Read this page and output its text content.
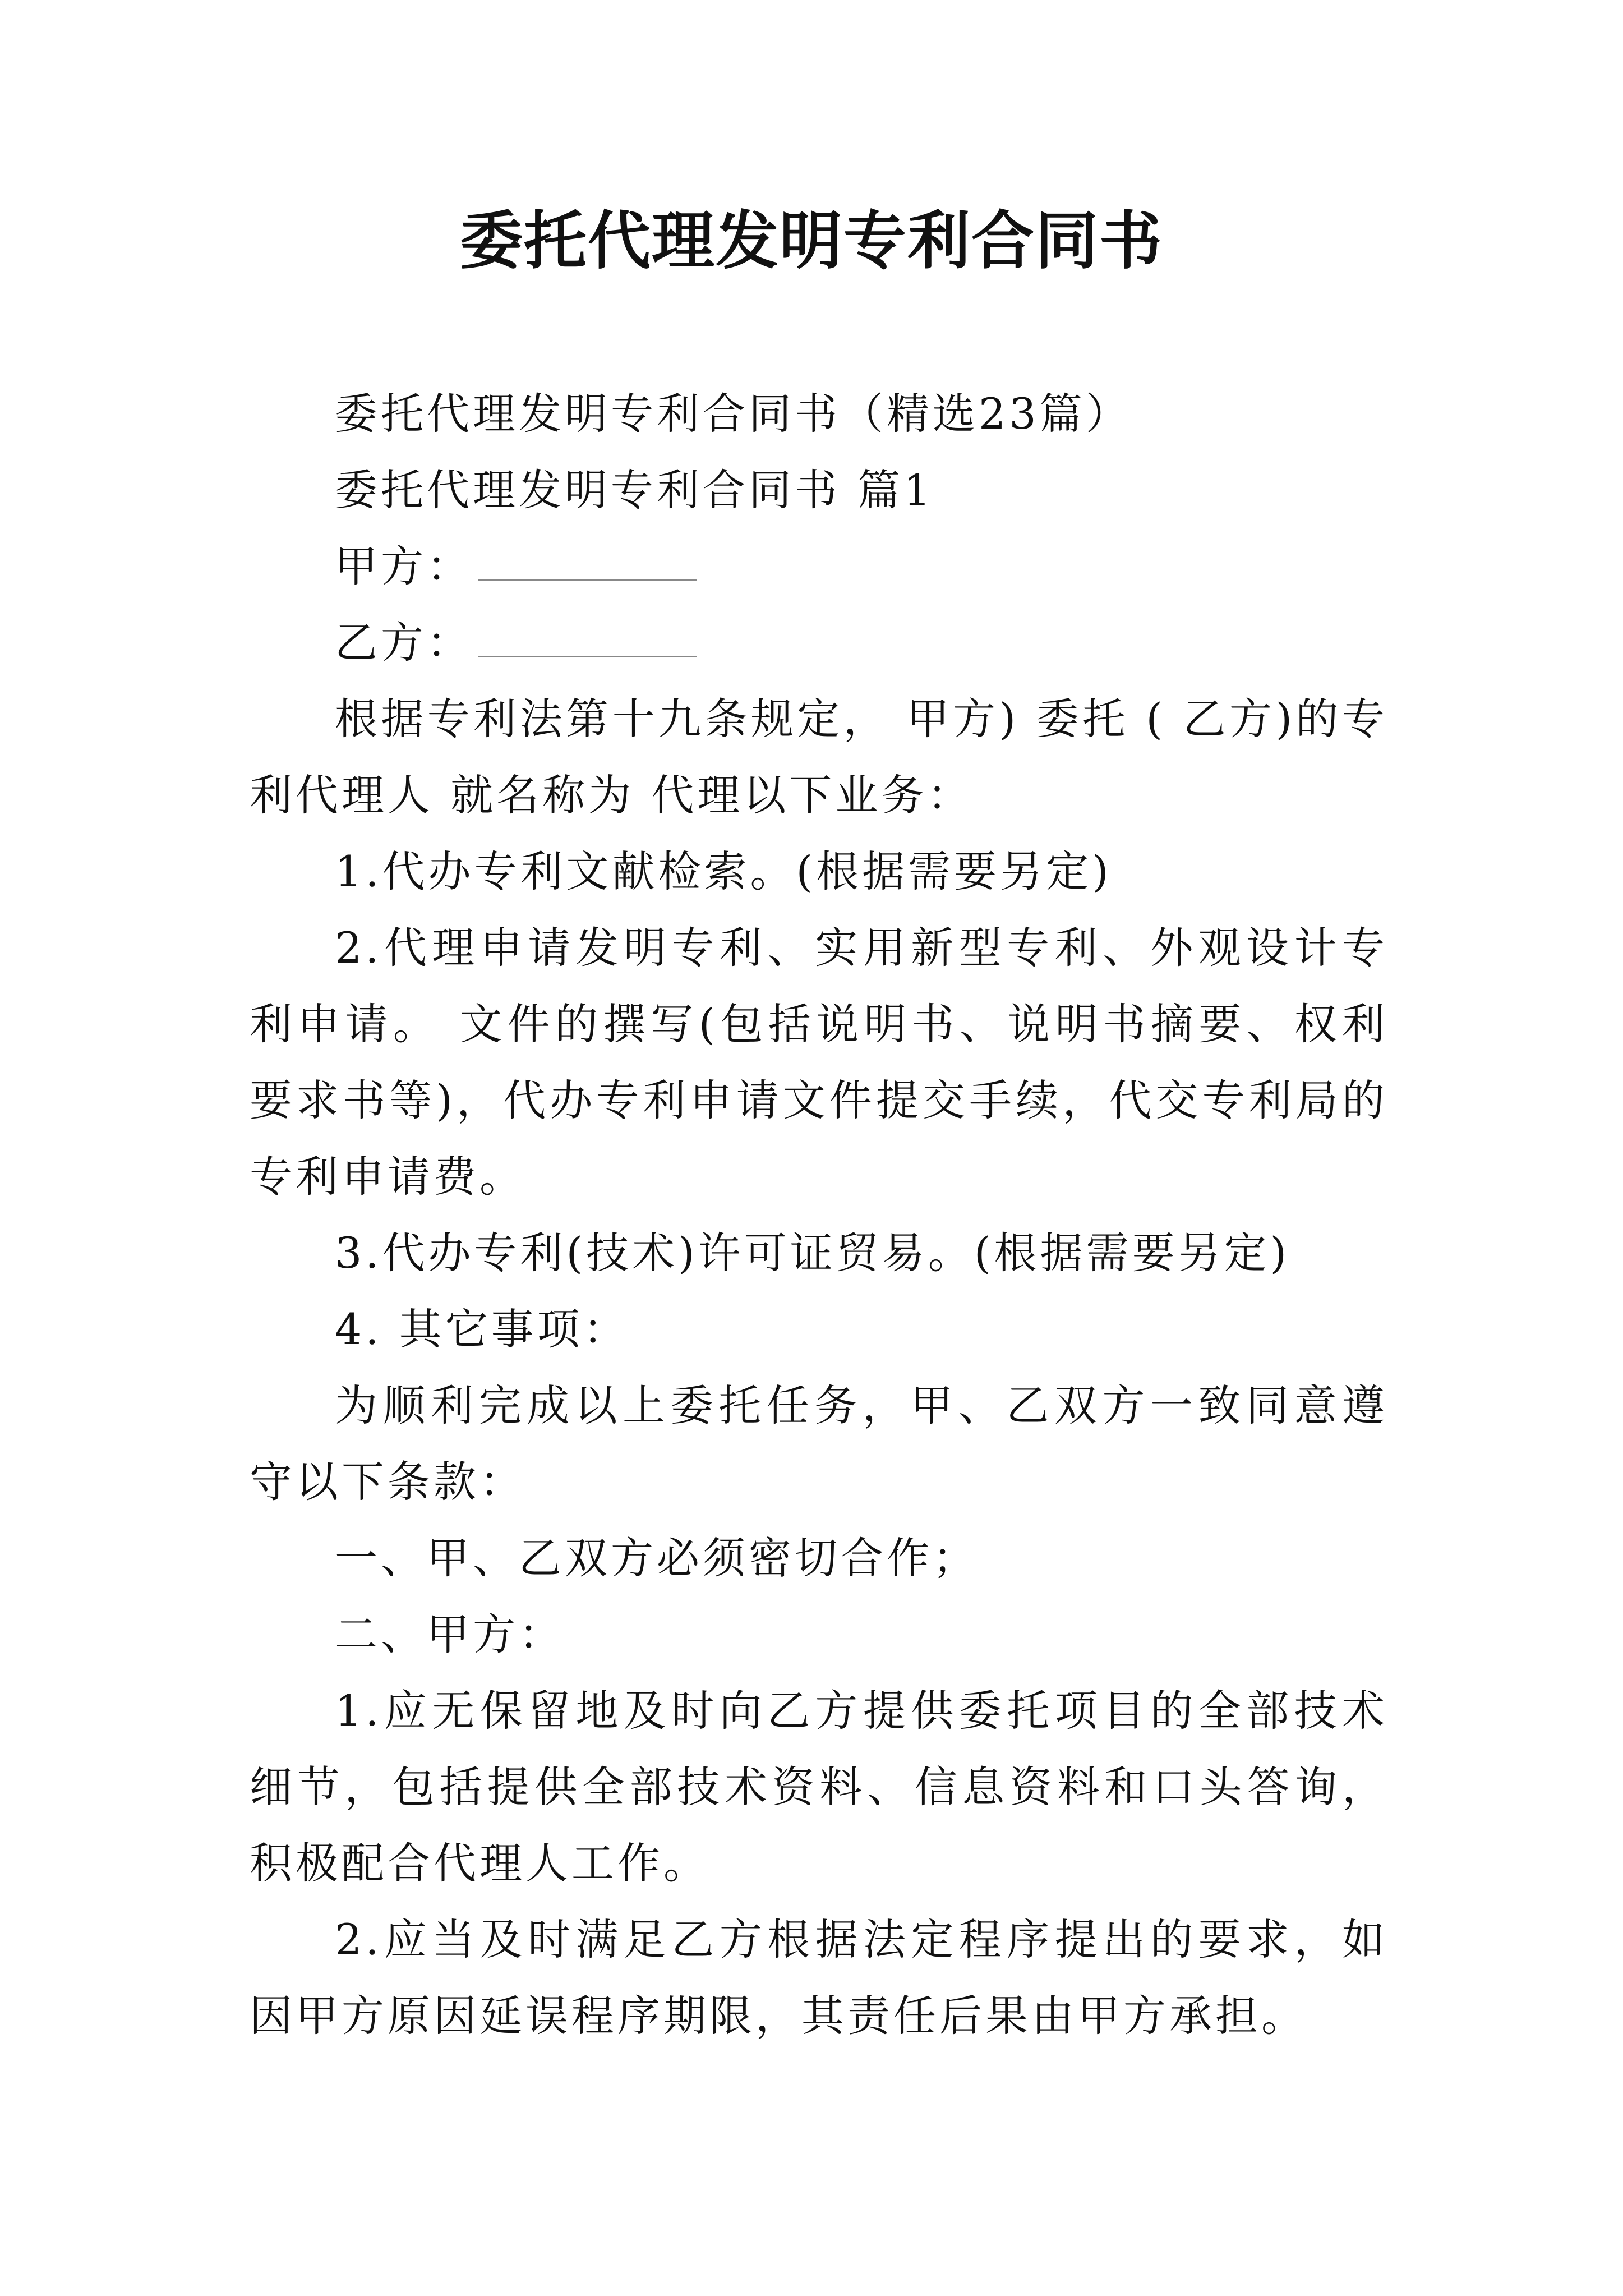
委托代理发明专利合同书

委托代理发明专利合同书（精选23篇）

委托代理发明专利合同书 篇1

甲方：

乙方：

根据专利法第十九条规定， 甲方) 委托 ( 乙方)的专利代理人 就名称为 代理以下业务：

1.代办专利文献检索。(根据需要另定)

2.代理申请发明专利、实用新型专利、外观设计专利申请。 文件的撰写(包括说明书、说明书摘要、权利要求书等)，代办专利申请文件提交手续，代交专利局的专利申请费。

3.代办专利(技术)许可证贸易。(根据需要另定)

4. 其它事项：

为顺利完成以上委托任务，甲、乙双方一致同意遵守以下条款：

一、甲、乙双方必须密切合作；

二、甲方：

1.应无保留地及时向乙方提供委托项目的全部技术细节，包括提供全部技术资料、信息资料和口头答询，积极配合代理人工作。

2.应当及时满足乙方根据法定程序提出的要求，如因甲方原因延误程序期限，其责任后果由甲方承担。
